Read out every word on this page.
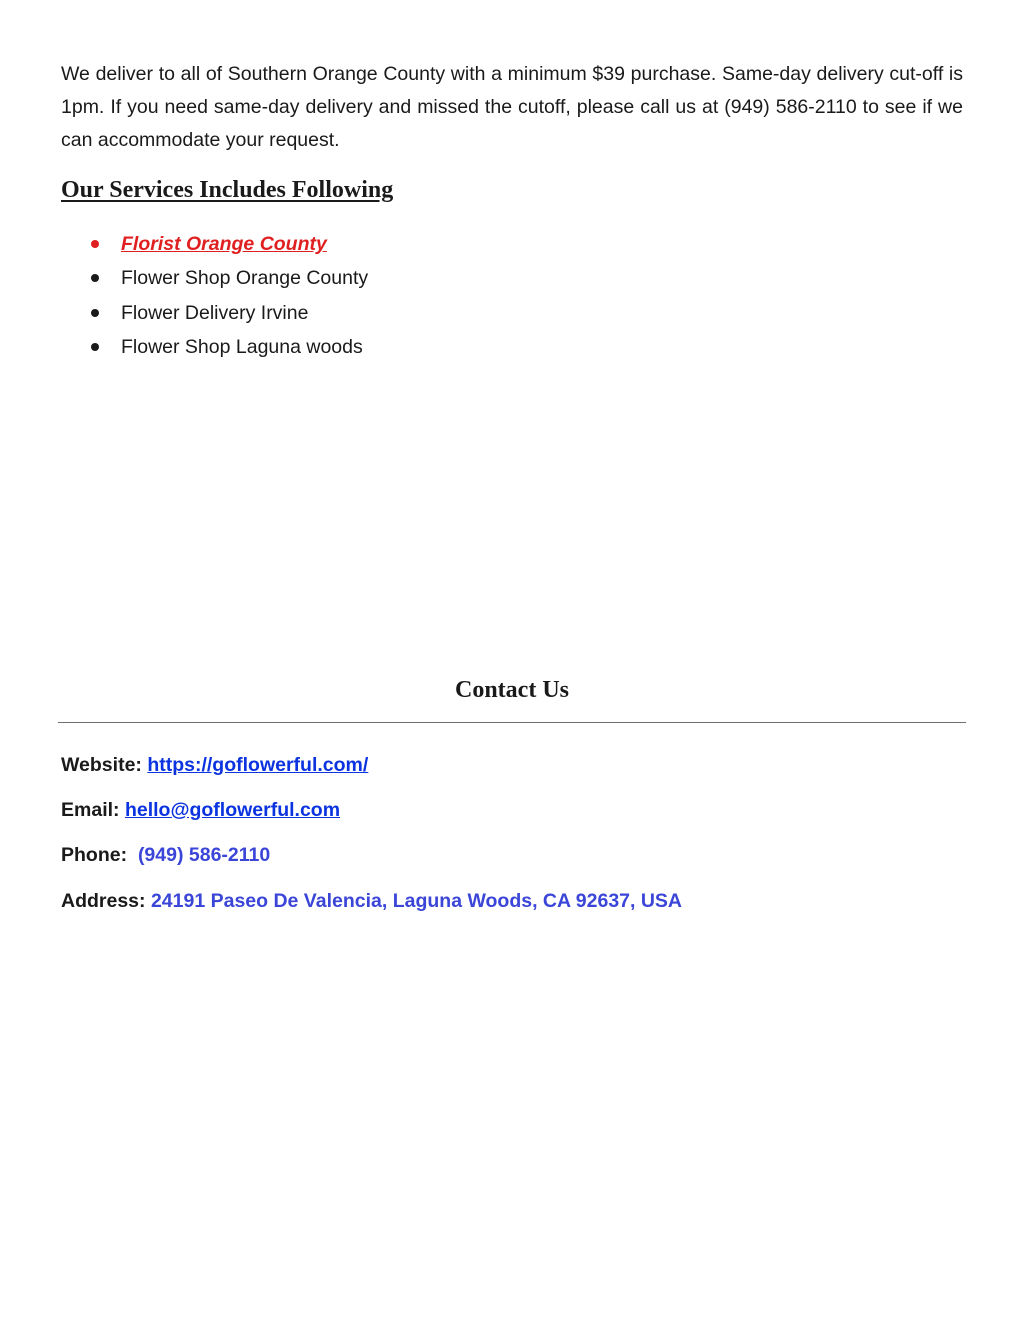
We deliver to all of Southern Orange County with a minimum $39 purchase. Same-day delivery cut-off is 1pm. If you need same-day delivery and missed the cutoff, please call us at (949) 586-2110 to see if we can accommodate your request.

Our Services Includes Following
Florist Orange County
Flower Shop Orange County
Flower Delivery Irvine
Flower Shop Laguna woods
Contact Us

Website: https://goflowerful.com/

Email: hello@goflowerful.com

Phone: (949) 586-2110

Address: 24191 Paseo De Valencia, Laguna Woods, CA 92637, USA
